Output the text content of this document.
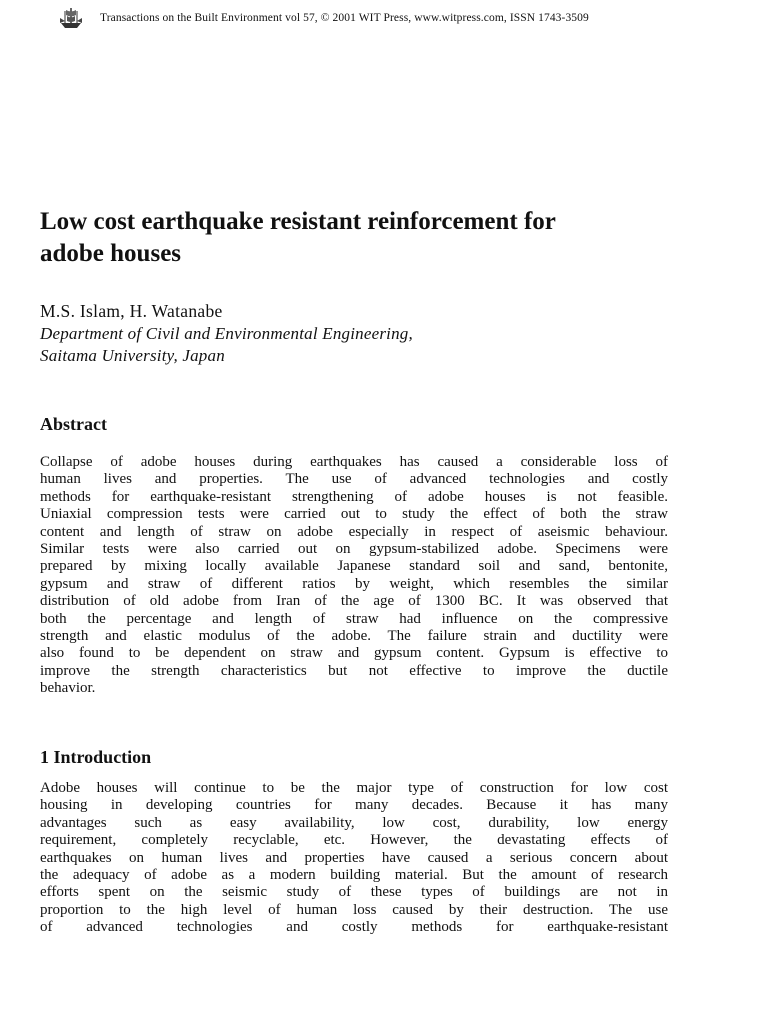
Transactions on the Built Environment vol 57, © 2001 WIT Press, www.witpress.com, ISSN 1743-3509
Low cost earthquake resistant reinforcement for
adobe houses
M.S. Islam, H. Watanabe
Department of Civil and Environmental Engineering,
Saitama University, Japan
Abstract
Collapse of adobe houses during earthquakes has caused a considerable loss of
human lives and properties. The use of advanced technologies and costly
methods for earthquake-resistant strengthening of adobe houses is not feasible.
Uniaxial compression tests were carried out to study the effect of both the straw
content and length of straw on adobe especially in respect of aseismic behaviour.
Similar tests were also carried out on gypsum-stabilized adobe. Specimens were
prepared by mixing locally available Japanese standard soil and sand, bentonite,
gypsum and straw of different ratios by weight, which resembles the similar
distribution of old adobe from Iran of the age of 1300 BC. It was observed that
both the percentage and length of straw had influence on the compressive
strength and elastic modulus of the adobe. The failure strain and ductility were
also found to be dependent on straw and gypsum content. Gypsum is effective to
improve the strength characteristics but not effective to improve the ductile
behavior.
1 Introduction
Adobe houses will continue to be the major type of construction for low cost
housing in developing countries for many decades. Because it has many
advantages such as easy availability, low cost, durability, low energy
requirement, completely recyclable, etc. However, the devastating effects of
earthquakes on human lives and properties have caused a serious concern about
the adequacy of adobe as a modern building material. But the amount of research
efforts spent on the seismic study of these types of buildings are not in
proportion to the high level of human loss caused by their destruction. The use
of advanced technologies and costly methods for earthquake-resistant
